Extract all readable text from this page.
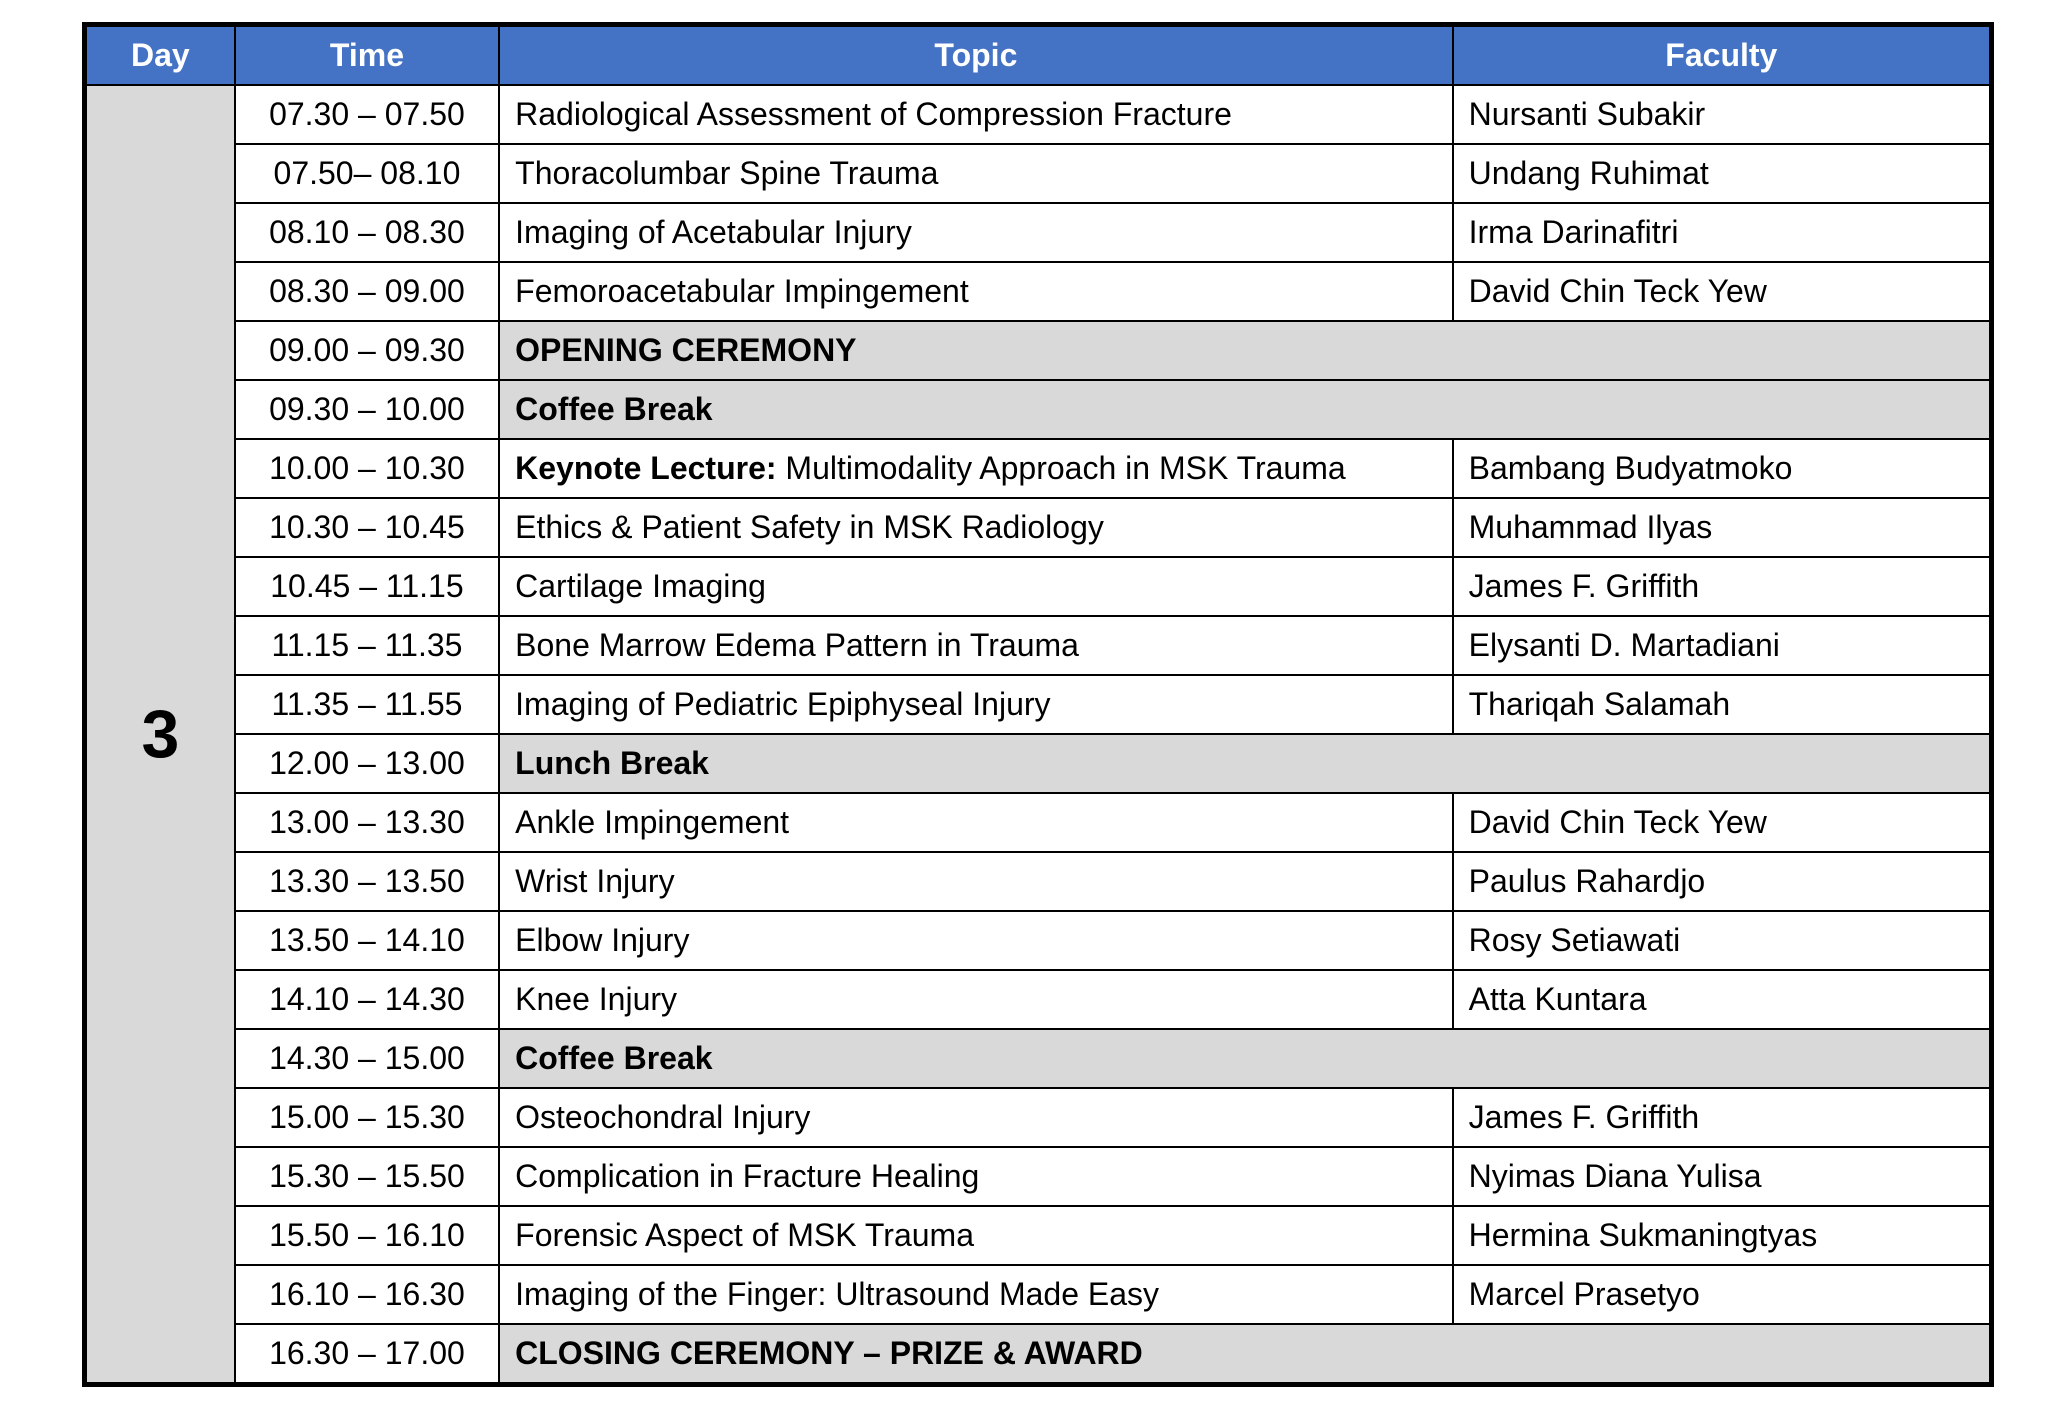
Day	Time	Topic	Faculty
3	07.30 – 07.50	Radiological Assessment of Compression Fracture	Nursanti Subakir
	07.50– 08.10	Thoracolumbar Spine Trauma	Undang Ruhimat
	08.10 – 08.30	Imaging of Acetabular Injury	Irma Darinafitri
	08.30 – 09.00	Femoroacetabular Impingement	David Chin Teck Yew
	09.00 – 09.30	OPENING CEREMONY	
	09.30 – 10.00	Coffee Break	
	10.00 – 10.30	Keynote Lecture: Multimodality Approach in MSK Trauma	Bambang Budyatmoko
	10.30 – 10.45	Ethics & Patient Safety in MSK Radiology	Muhammad Ilyas
	10.45 – 11.15	Cartilage Imaging	James F. Griffith
	11.15 – 11.35	Bone Marrow Edema Pattern in Trauma	Elysanti D. Martadiani
	11.35 – 11.55	Imaging of Pediatric Epiphyseal Injury	Thariqah Salamah
	12.00 – 13.00	Lunch Break	
	13.00 – 13.30	Ankle Impingement	David Chin Teck Yew
	13.30 – 13.50	Wrist Injury	Paulus Rahardjo
	13.50 – 14.10	Elbow Injury	Rosy Setiawati
	14.10 – 14.30	Knee Injury	Atta Kuntara
	14.30 – 15.00	Coffee Break	
	15.00 – 15.30	Osteochondral Injury	James F. Griffith
	15.30 – 15.50	Complication in Fracture Healing	Nyimas Diana Yulisa
	15.50 – 16.10	Forensic Aspect of MSK Trauma	Hermina Sukmaningtyas
	16.10 – 16.30	Imaging of the Finger: Ultrasound Made Easy	Marcel Prasetyo
	16.30 – 17.00	CLOSING CEREMONY – PRIZE & AWARD	
